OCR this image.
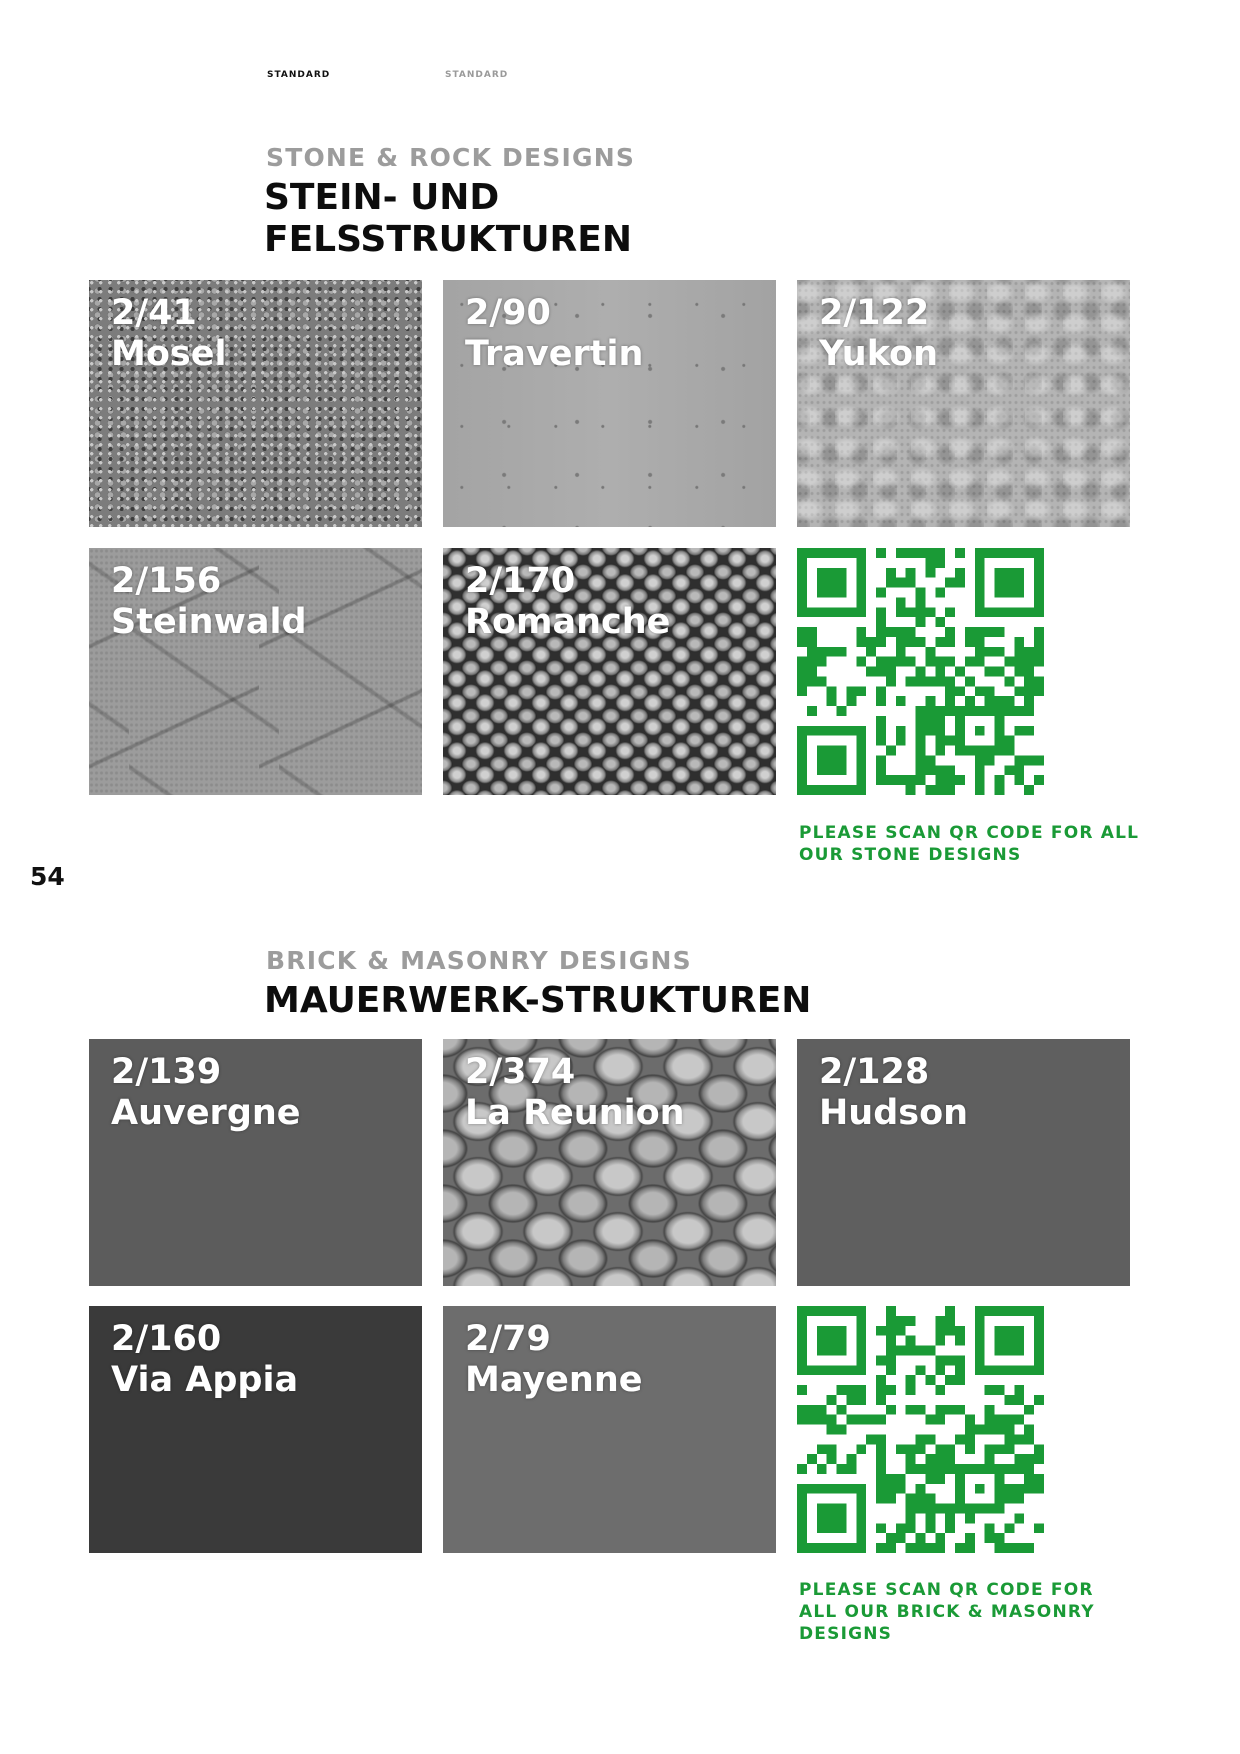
STANDARD	STANDARD
STONE & ROCK DESIGNS
STEIN- UND
FELSSTRUKTUREN
2/41
Mosel
2/90
Travertin
2/122
Yukon
2/156
Steinwald
2/170
Romanche
PLEASE SCAN QR CODE FOR ALL
OUR STONE DESIGNS
54
BRICK & MASONRY DESIGNS
MAUERWERK-STRUKTUREN
2/139
Auvergne
2/374
La Reunion
2/128
Hudson
2/160
Via Appia
2/79
Mayenne
PLEASE SCAN QR CODE FOR
ALL OUR BRICK & MASONRY
DESIGNS
